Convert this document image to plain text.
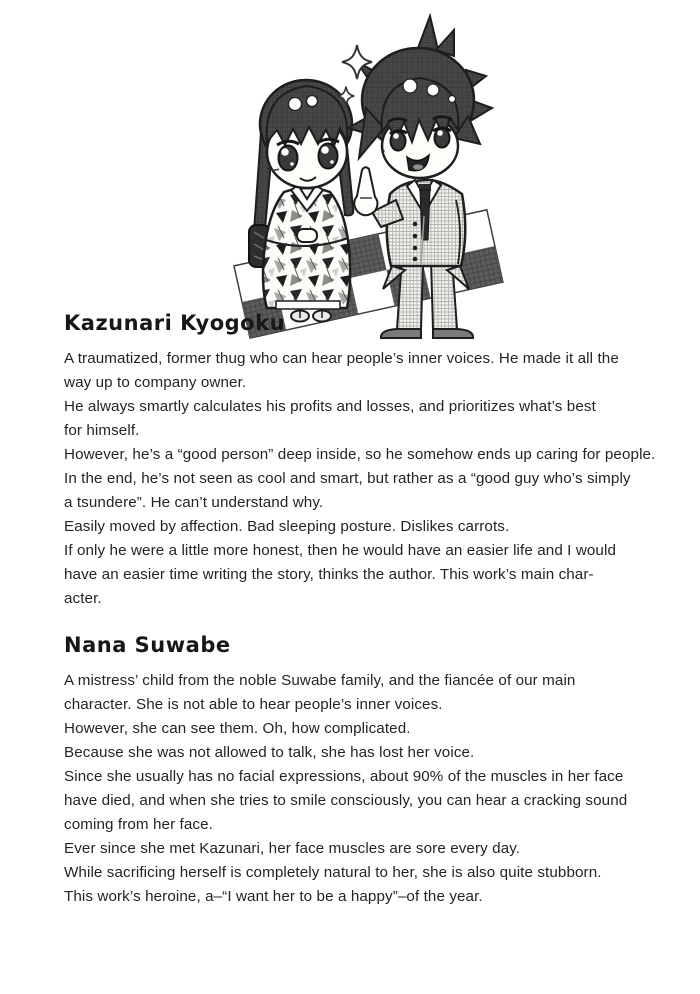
Kazunari Kyogoku
A traumatized, former thug who can hear people’s inner voices. He made it all the
way up to company owner.
He always smartly calculates his profits and losses, and prioritizes what’s best
for himself.
However, he’s a “good person” deep inside, so he somehow ends up caring for people.
In the end, he’s not seen as cool and smart, but rather as a “good guy who’s simply
a tsundere”. He can’t understand why.
Easily moved by affection. Bad sleeping posture. Dislikes carrots.
If only he were a little more honest, then he would have an easier life and I would
have an easier time writing the story, thinks the author. This work’s main char-
acter.
Nana Suwabe
A mistress’ child from the noble Suwabe family, and the fiancée of our main
character. She is not able to hear people’s inner voices.
However, she can see them. Oh, how complicated.
Because she was not allowed to talk, she has lost her voice.
Since she usually has no facial expressions, about 90% of the muscles in her face
have died, and when she tries to smile consciously, you can hear a cracking sound
coming from her face.
Ever since she met Kazunari, her face muscles are sore every day.
While sacrificing herself is completely natural to her, she is also quite stubborn.
This work’s heroine, a–“I want her to be a happy”–of the year.
